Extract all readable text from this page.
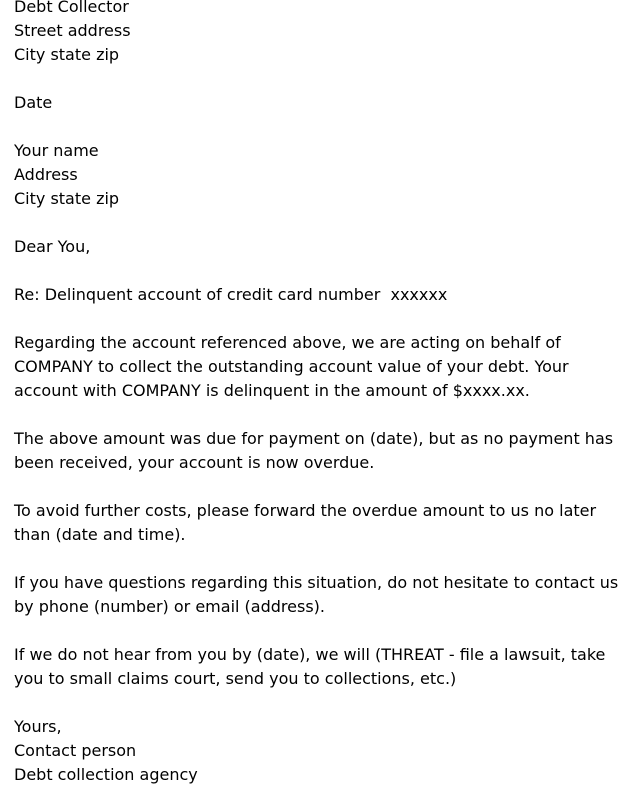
Debt Collector
Street address
City state zip
Date
Your name
Address
City state zip
Dear You,
Re: Delinquent account of credit card number  xxxxxx
Regarding the account referenced above, we are acting on behalf of COMPANY to collect the outstanding account value of your debt. Your account with COMPANY is delinquent in the amount of $xxxx.xx.
The above amount was due for payment on (date), but as no payment has been received, your account is now overdue.
To avoid further costs, please forward the overdue amount to us no later than (date and time).
If you have questions regarding this situation, do not hesitate to contact us by phone (number) or email (address).
If we do not hear from you by (date), we will (THREAT - file a lawsuit, take you to small claims court, send you to collections, etc.)
Yours,
Contact person
Debt collection agency
